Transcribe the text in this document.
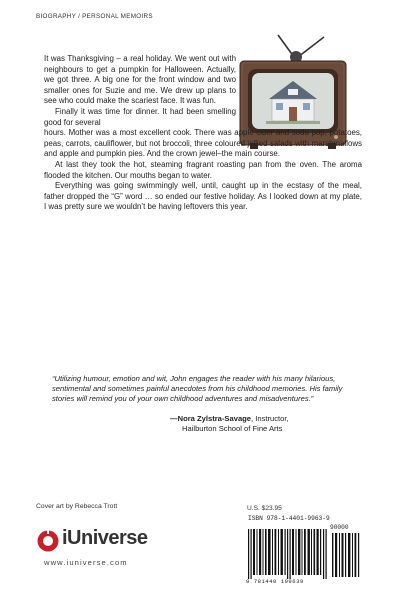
BIOGRAPHY / PERSONAL MEMOIRS

It was Thanksgiving – a real holiday. We went out with neighbours to get a pumpkin for Halloween. Actually, we got three. A big one for the front window and two smaller ones for Suzie and me. We drew up plans to see who could make the scariest face. It was fun.

Finally it was time for dinner. It had been smelling good for several

hours. Mother was a most excellent cook. There was apple cider and soda pop, potatoes, peas, carrots, cauliflower, but not broccoli, three coloured jellied salads with marshmallows and apple and pumpkin pies. And the crown jewel–the main course.

At last they took the hot, steaming fragrant roasting pan from the oven. The aroma flooded the kitchen. Our mouths began to water.

Everything was going swimmingly well, until, caught up in the ecstasy of the meal, father dropped the “G” word … so ended our festive holiday. As I looked down at my plate, I was pretty sure we wouldn’t be having leftovers this year.

“Utilizing humour, emotion and wit, John engages the reader with his many hilarious, sentimental and sometimes painful anecdotes from his childhood memories. His family stories will remind you of your own childhood adventures and misadventures.”

—Nora Zylstra-Savage, Instructor,
Hailburton School of Fine Arts
Cover art by Rebecca Trott
iUniverse
www.iuniverse.com
U.S. $23.95
ISBN 978-1-4401-9963-9
90000
9 781440 199639
